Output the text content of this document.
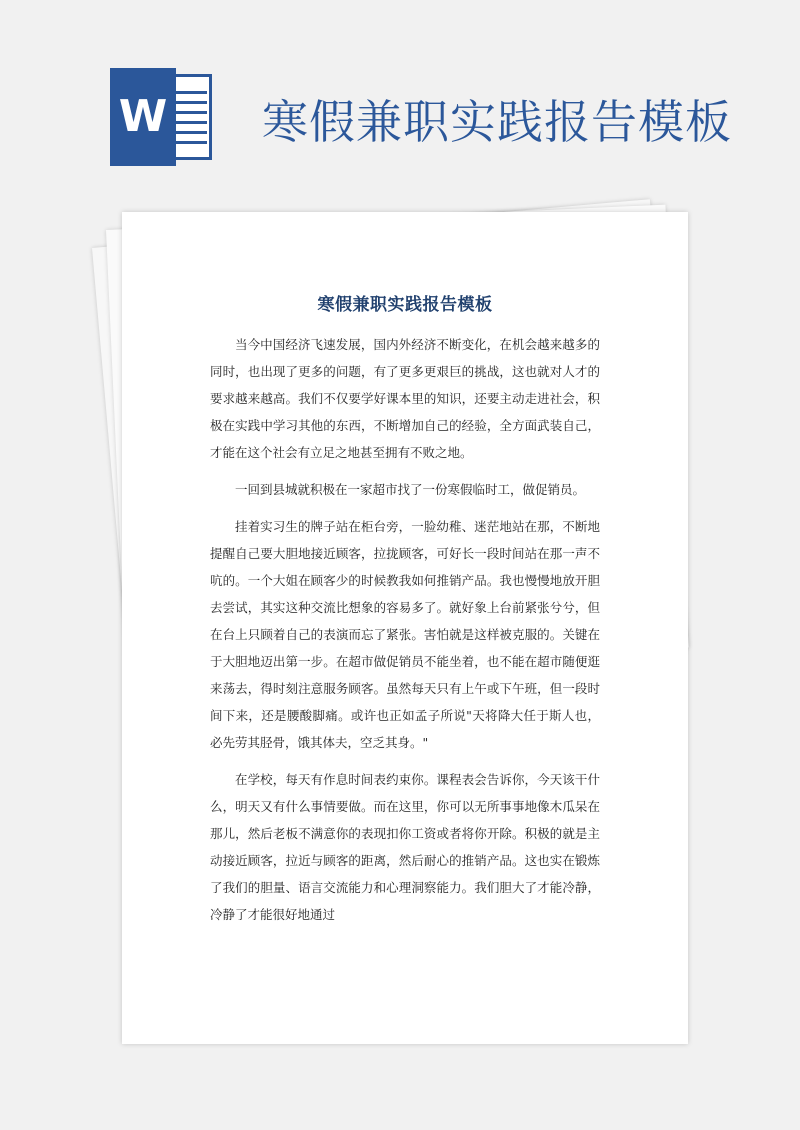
W 寒假兼职实践报告模板
寒假兼职实践报告模板

当今中国经济飞速发展，国内外经济不断变化，在机会越来越多的同时，也出现了更多的问题，有了更多更艰巨的挑战，这也就对人才的要求越来越高。我们不仅要学好课本里的知识，还要主动走进社会，积极在实践中学习其他的东西，不断增加自己的经验，全方面武装自己，才能在这个社会有立足之地甚至拥有不败之地。

一回到县城就积极在一家超市找了一份寒假临时工，做促销员。

挂着实习生的牌子站在柜台旁，一脸幼稚、迷茫地站在那，不断地提醒自己要大胆地接近顾客，拉拢顾客，可好长一段时间站在那一声不吭的。一个大姐在顾客少的时候教我如何推销产品。我也慢慢地放开胆去尝试，其实这种交流比想象的容易多了。就好象上台前紧张兮兮，但在台上只顾着自己的表演而忘了紧张。害怕就是这样被克服的。关键在于大胆地迈出第一步。在超市做促销员不能坐着，也不能在超市随便逛来荡去，得时刻注意服务顾客。虽然每天只有上午或下午班，但一段时间下来，还是腰酸脚痛。或许也正如孟子所说"天将降大任于斯人也，必先劳其胫骨，饿其体夫，空乏其身。"

在学校，每天有作息时间表约束你。课程表会告诉你，今天该干什么，明天又有什么事情要做。而在这里，你可以无所事事地像木瓜呆在那儿，然后老板不满意你的表现扣你工资或者将你开除。积极的就是主动接近顾客，拉近与顾客的距离，然后耐心的推销产品。这也实在锻炼了我们的胆量、语言交流能力和心理洞察能力。我们胆大了才能冷静，冷静了才能很好地通过
